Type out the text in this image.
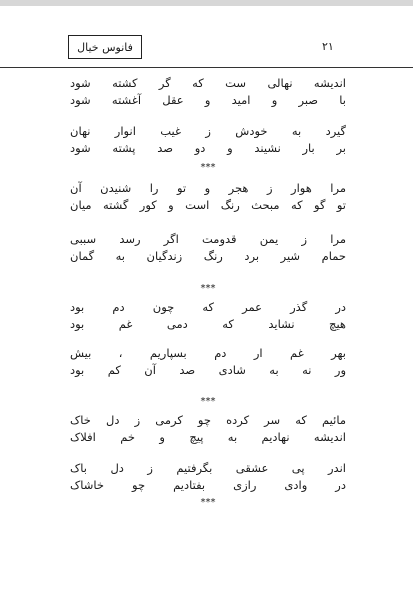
۲۱
فانوس خیال
اندیشه نهالی ست که گر کشته شود
با صبر و امید و عقل آغشته شود
گیرد به خودش ز غیب انوار نهان
بر بار نشیند و دو صد پشته شود
***
مرا هوار ز هجر و تو را شنیدن آن
تو گو که مبحث رنگ است و کور گشته میان
مرا ز یمن قدومت اگر رسد سببی
حمام شیر برد رنگ زندگیان به گمان
***
در گذر عمر که چون دم بود
هیچ نشاید که دمی غم بود
بهر غم ار دم بسپاریم ، بیش
ور نه به شادی صد آن کم بود
***
مائیم که سر کرده چو کرمی ز دل خاک
اندیشه نهادیم به پیچ و خم افلاک
اندر پی عشقی بگرفتیم ز دل باک
در وادی رازی بفتادیم چو خاشاک
***
